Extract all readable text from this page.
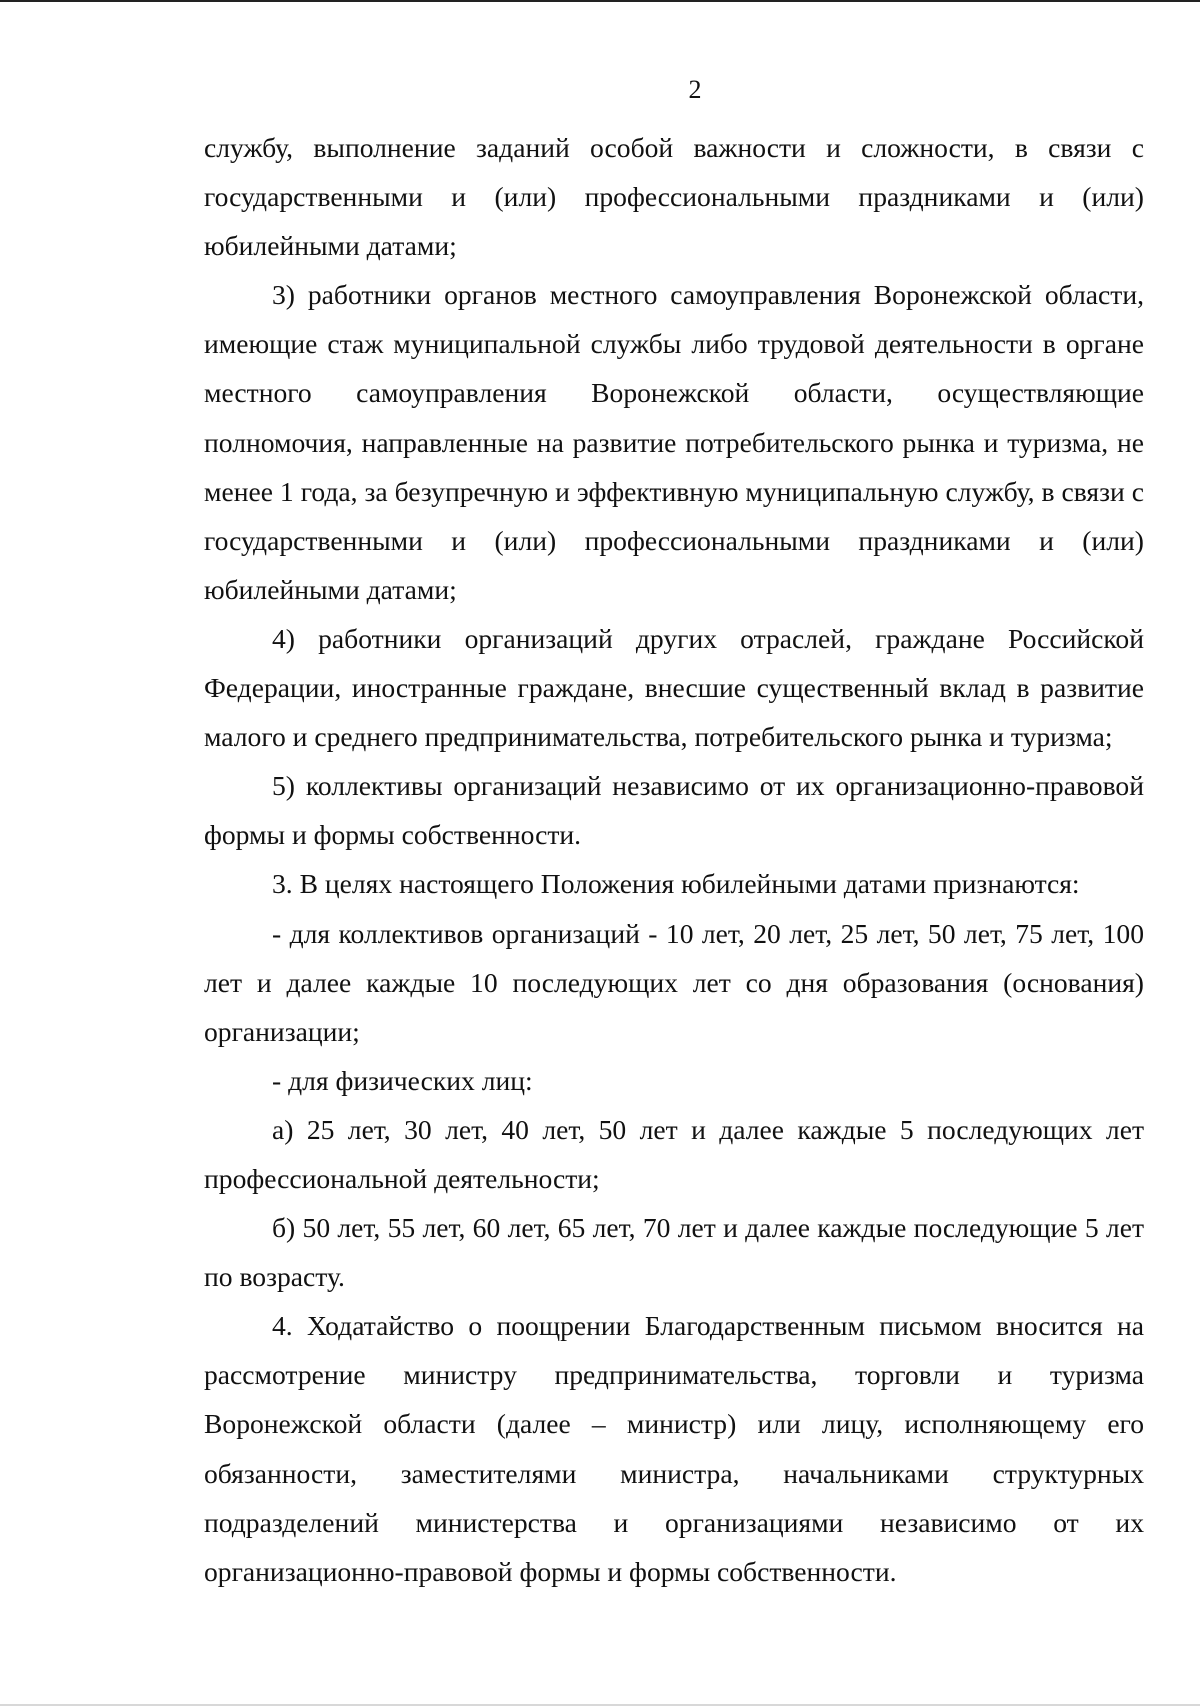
2

службу, выполнение заданий особой важности и сложности, в связи с государственными и (или) профессиональными праздниками и (или) юбилейными датами;

3) работники органов местного самоуправления Воронежской области, имеющие стаж муниципальной службы либо трудовой деятельности в органе местного самоуправления Воронежской области, осуществляющие полномочия, направленные на развитие потребительского рынка и туризма, не менее 1 года, за безупречную и эффективную муниципальную службу, в связи с государственными и (или) профессиональными праздниками и (или) юбилейными датами;

4) работники организаций других отраслей, граждане Российской Федерации, иностранные граждане, внесшие существенный вклад в развитие малого и среднего предпринимательства, потребительского рынка и туризма;

5) коллективы организаций независимо от их организационно-правовой формы и формы собственности.

3. В целях настоящего Положения юбилейными датами признаются:

- для коллективов организаций - 10 лет, 20 лет, 25 лет, 50 лет, 75 лет, 100 лет и далее каждые 10 последующих лет со дня образования (основания) организации;

- для физических лиц:

а) 25 лет, 30 лет, 40 лет, 50 лет и далее каждые 5 последующих лет профессиональной деятельности;

б) 50 лет, 55 лет, 60 лет, 65 лет, 70 лет и далее каждые последующие 5 лет по возрасту.

4. Ходатайство о поощрении Благодарственным письмом вносится на рассмотрение министру предпринимательства, торговли и туризма Воронежской области (далее – министр) или лицу, исполняющему его обязанности, заместителями министра, начальниками структурных подразделений министерства и организациями независимо от их организационно-правовой формы и формы собственности.
